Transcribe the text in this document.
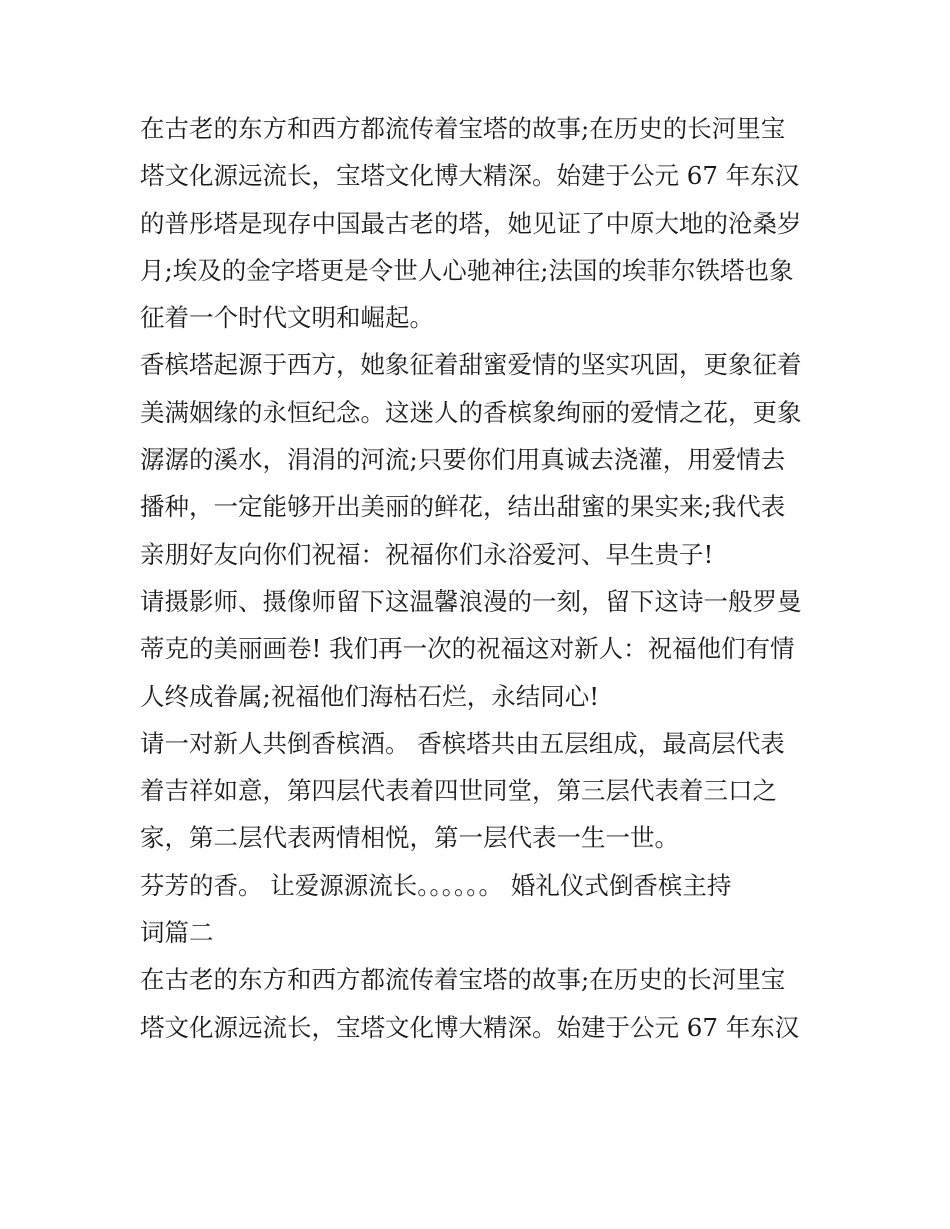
在古老的东方和西方都流传着宝塔的故事;在历史的长河里宝
塔文化源远流长，宝塔文化博大精深。始建于公元 67 年东汉
的普彤塔是现存中国最古老的塔，她见证了中原大地的沧桑岁
月;埃及的金字塔更是令世人心驰神往;法国的埃菲尔铁塔也象
征着一个时代文明和崛起。
香槟塔起源于西方，她象征着甜蜜爱情的坚实巩固，更象征着
美满姻缘的永恒纪念。这迷人的香槟象绚丽的爱情之花，更象
潺潺的溪水，涓涓的河流;只要你们用真诚去浇灌，用爱情去
播种，一定能够开出美丽的鲜花，结出甜蜜的果实来;我代表
亲朋好友向你们祝福：祝福你们永浴爱河、早生贵子!
请摄影师、摄像师留下这温馨浪漫的一刻，留下这诗一般罗曼
蒂克的美丽画卷! 我们再一次的祝福这对新人：祝福他们有情
人终成眷属;祝福他们海枯石烂，永结同心!
请一对新人共倒香槟酒。 香槟塔共由五层组成，最高层代表
着吉祥如意，第四层代表着四世同堂，第三层代表着三口之
家，第二层代表两情相悦，第一层代表一生一世。
芬芳的香。 让爱源源流长。。。。。。 婚礼仪式倒香槟主持
词篇二
在古老的东方和西方都流传着宝塔的故事;在历史的长河里宝
塔文化源远流长，宝塔文化博大精深。始建于公元 67 年东汉
